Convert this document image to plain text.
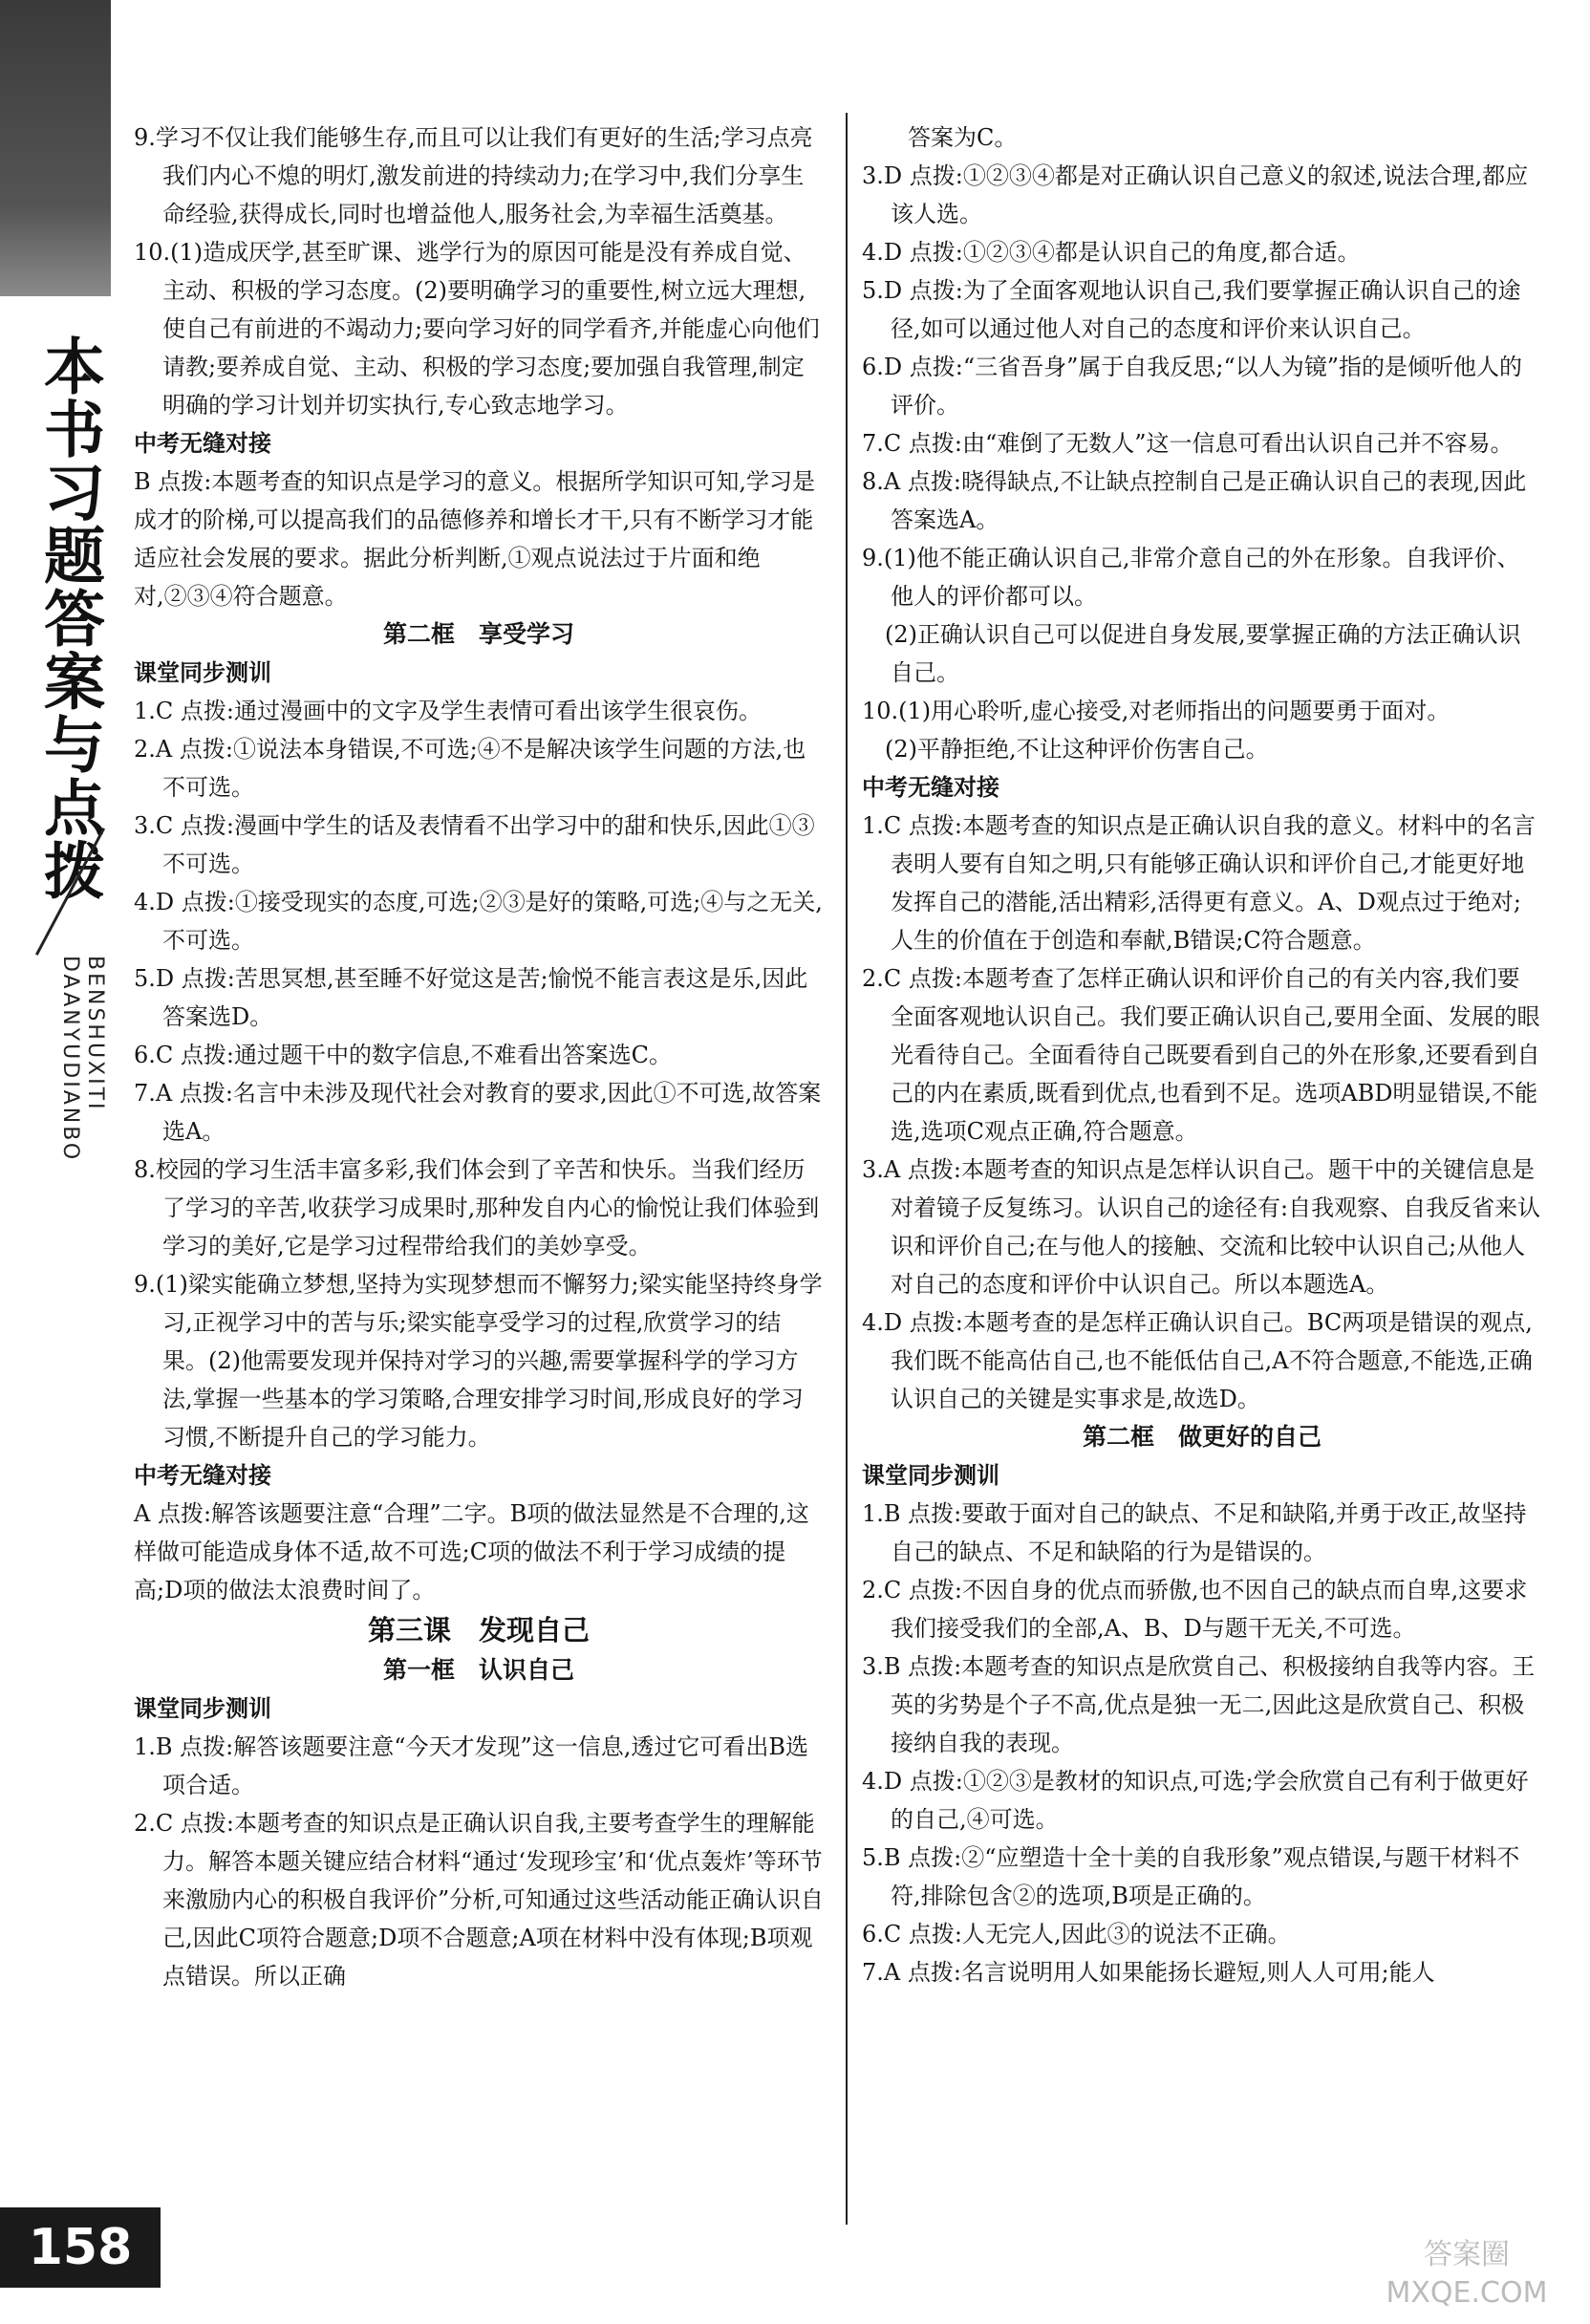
本书习题答案与点拨
BENSHUXITI
DAANYUDIANBO
158
9.学习不仅让我们能够生存,而且可以让我们有更好的生活;学习点亮我们内心不熄的明灯,激发前进的持续动力;在学习中,我们分享生命经验,获得成长,同时也增益他人,服务社会,为幸福生活奠基。
10.(1)造成厌学,甚至旷课、逃学行为的原因可能是没有养成自觉、主动、积极的学习态度。(2)要明确学习的重要性,树立远大理想,使自己有前进的不竭动力;要向学习好的同学看齐,并能虚心向他们请教;要养成自觉、主动、积极的学习态度;要加强自我管理,制定明确的学习计划并切实执行,专心致志地学习。
中考无缝对接
B 点拨:本题考查的知识点是学习的意义。根据所学知识可知,学习是成才的阶梯,可以提高我们的品德修养和增长才干,只有不断学习才能适应社会发展的要求。据此分析判断,①观点说法过于片面和绝对,②③④符合题意。
第二框　享受学习
课堂同步测训
1.C 点拨:通过漫画中的文字及学生表情可看出该学生很哀伤。
2.A 点拨:①说法本身错误,不可选;④不是解决该学生问题的方法,也不可选。
3.C 点拨:漫画中学生的话及表情看不出学习中的甜和快乐,因此①③不可选。
4.D 点拨:①接受现实的态度,可选;②③是好的策略,可选;④与之无关,不可选。
5.D 点拨:苦思冥想,甚至睡不好觉这是苦;愉悦不能言表这是乐,因此答案选D。
6.C 点拨:通过题干中的数字信息,不难看出答案选C。
7.A 点拨:名言中未涉及现代社会对教育的要求,因此①不可选,故答案选A。
8.校园的学习生活丰富多彩,我们体会到了辛苦和快乐。当我们经历了学习的辛苦,收获学习成果时,那种发自内心的愉悦让我们体验到学习的美好,它是学习过程带给我们的美妙享受。
9.(1)梁实能确立梦想,坚持为实现梦想而不懈努力;梁实能坚持终身学习,正视学习中的苦与乐;梁实能享受学习的过程,欣赏学习的结果。(2)他需要发现并保持对学习的兴趣,需要掌握科学的学习方法,掌握一些基本的学习策略,合理安排学习时间,形成良好的学习习惯,不断提升自己的学习能力。
中考无缝对接
A 点拨:解答该题要注意“合理”二字。B项的做法显然是不合理的,这样做可能造成身体不适,故不可选;C项的做法不利于学习成绩的提高;D项的做法太浪费时间了。
第三课　发现自己
第一框　认识自己
课堂同步测训
1.B 点拨:解答该题要注意“今天才发现”这一信息,透过它可看出B选项合适。
2.C 点拨:本题考查的知识点是正确认识自我,主要考查学生的理解能力。解答本题关键应结合材料“通过‘发现珍宝’和‘优点轰炸’等环节来激励内心的积极自我评价”分析,可知通过这些活动能正确认识自己,因此C项符合题意;D项不合题意;A项在材料中没有体现;B项观点错误。所以正确
　　答案为C。
3.D 点拨:①②③④都是对正确认识自己意义的叙述,说法合理,都应该人选。
4.D 点拨:①②③④都是认识自己的角度,都合适。
5.D 点拨:为了全面客观地认识自己,我们要掌握正确认识自己的途径,如可以通过他人对自己的态度和评价来认识自己。
6.D 点拨:“三省吾身”属于自我反思;“以人为镜”指的是倾听他人的评价。
7.C 点拨:由“难倒了无数人”这一信息可看出认识自己并不容易。
8.A 点拨:晓得缺点,不让缺点控制自己是正确认识自己的表现,因此答案选A。
9.(1)他不能正确认识自己,非常介意自己的外在形象。自我评价、他人的评价都可以。
　(2)正确认识自己可以促进自身发展,要掌握正确的方法正确认识自己。
10.(1)用心聆听,虚心接受,对老师指出的问题要勇于面对。
　(2)平静拒绝,不让这种评价伤害自己。
中考无缝对接
1.C 点拨:本题考查的知识点是正确认识自我的意义。材料中的名言表明人要有自知之明,只有能够正确认识和评价自己,才能更好地发挥自己的潜能,活出精彩,活得更有意义。A、D观点过于绝对;人生的价值在于创造和奉献,B错误;C符合题意。
2.C 点拨:本题考查了怎样正确认识和评价自己的有关内容,我们要全面客观地认识自己。我们要正确认识自己,要用全面、发展的眼光看待自己。全面看待自己既要看到自己的外在形象,还要看到自己的内在素质,既看到优点,也看到不足。选项ABD明显错误,不能选,选项C观点正确,符合题意。
3.A 点拨:本题考查的知识点是怎样认识自己。题干中的关键信息是对着镜子反复练习。认识自己的途径有:自我观察、自我反省来认识和评价自己;在与他人的接触、交流和比较中认识自己;从他人对自己的态度和评价中认识自己。所以本题选A。
4.D 点拨:本题考查的是怎样正确认识自己。BC两项是错误的观点,我们既不能高估自己,也不能低估自己,A不符合题意,不能选,正确认识自己的关键是实事求是,故选D。
第二框　做更好的自己
课堂同步测训
1.B 点拨:要敢于面对自己的缺点、不足和缺陷,并勇于改正,故坚持自己的缺点、不足和缺陷的行为是错误的。
2.C 点拨:不因自身的优点而骄傲,也不因自己的缺点而自卑,这要求我们接受我们的全部,A、B、D与题干无关,不可选。
3.B 点拨:本题考查的知识点是欣赏自己、积极接纳自我等内容。王英的劣势是个子不高,优点是独一无二,因此这是欣赏自己、积极接纳自我的表现。
4.D 点拨:①②③是教材的知识点,可选;学会欣赏自己有利于做更好的自己,④可选。
5.B 点拨:②“应塑造十全十美的自我形象”观点错误,与题干材料不符,排除包含②的选项,B项是正确的。
6.C 点拨:人无完人,因此③的说法不正确。
7.A 点拨:名言说明用人如果能扬长避短,则人人可用;能人
答案圈 MXQE.COM
